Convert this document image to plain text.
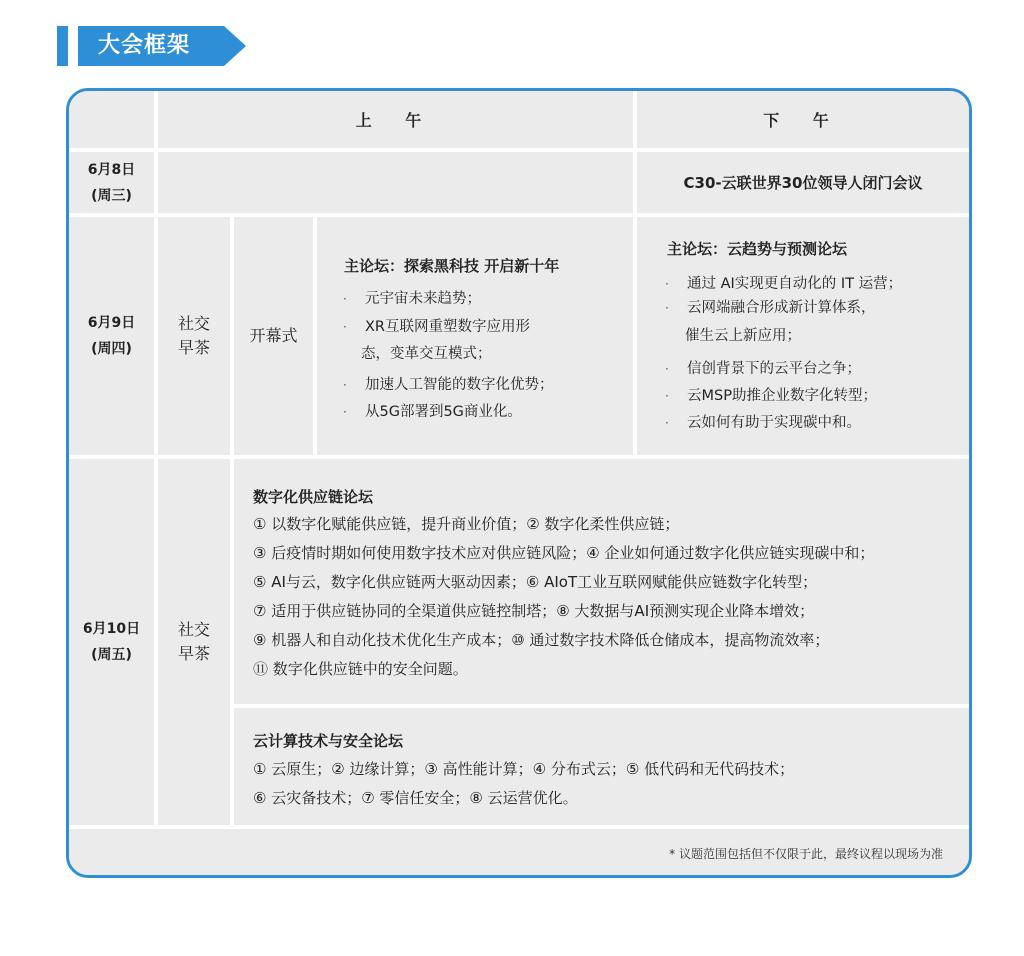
大会框架
上 午	下 午
6月8日
(周三)
C30-云联世界30位领导人闭门会议
6月9日
(周四)
社交
早茶
开幕式
主论坛：探索黑科技 开启新十年
· 元宇宙未来趋势；
· XR互联网重塑数字应用形
态，变革交互模式；
· 加速人工智能的数字化优势；
· 从5G部署到5G商业化。
主论坛：云趋势与预测论坛
· 通过 AI实现更自动化的 IT 运营；
· 云网端融合形成新计算体系，
催生云上新应用；
· 信创背景下的云平台之争；
· 云MSP助推企业数字化转型；
· 云如何有助于实现碳中和。
6月10日
(周五)
社交
早茶
数字化供应链论坛
① 以数字化赋能供应链，提升商业价值；② 数字化柔性供应链；
③ 后疫情时期如何使用数字技术应对供应链风险；④ 企业如何通过数字化供应链实现碳中和；
⑤ AI与云，数字化供应链两大驱动因素；⑥ AIoT工业互联网赋能供应链数字化转型；
⑦ 适用于供应链协同的全渠道供应链控制塔；⑧ 大数据与AI预测实现企业降本增效；
⑨ 机器人和自动化技术优化生产成本；⑩ 通过数字技术降低仓储成本，提高物流效率；
⑪ 数字化供应链中的安全问题。
云计算技术与安全论坛
① 云原生；② 边缘计算；③ 高性能计算；④ 分布式云；⑤ 低代码和无代码技术；
⑥ 云灾备技术；⑦ 零信任安全；⑧ 云运营优化。
* 议题范围包括但不仅限于此，最终议程以现场为准
